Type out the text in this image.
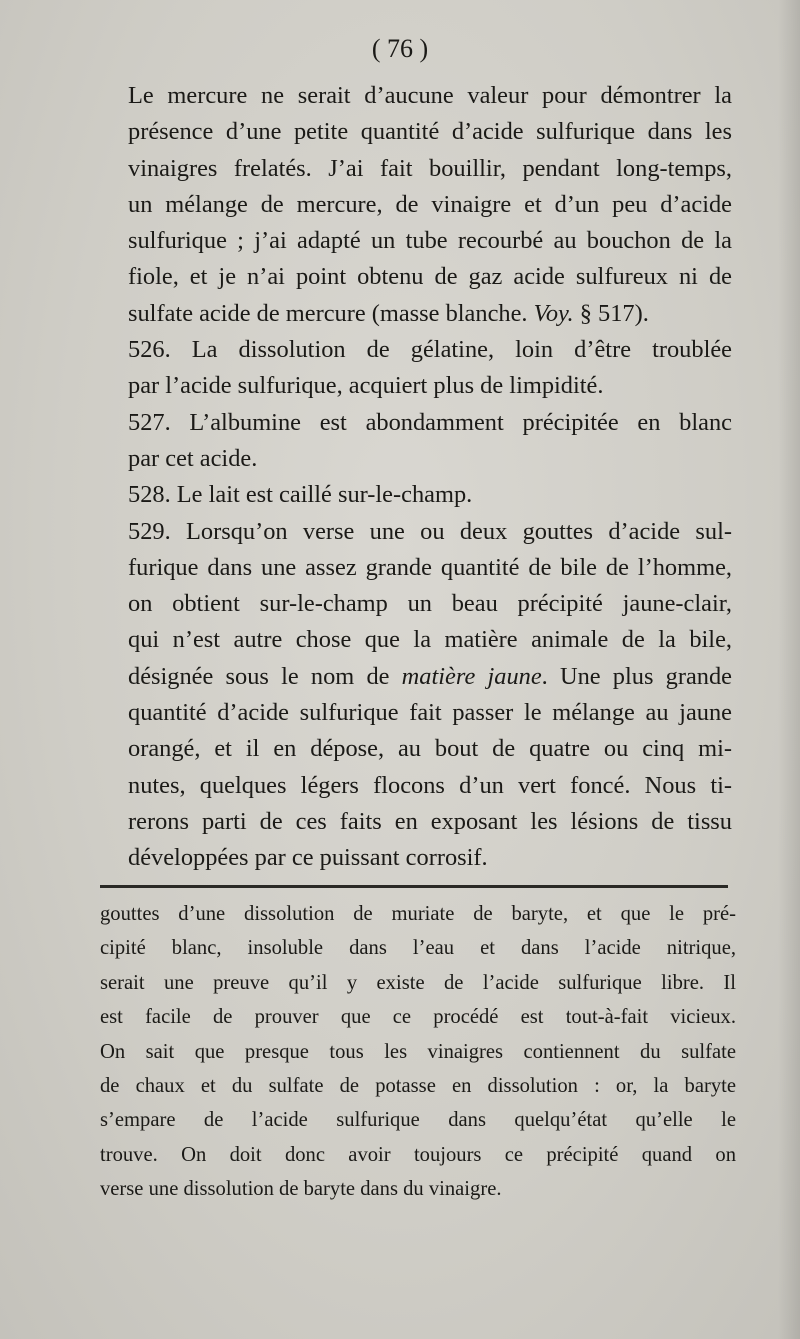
( 76 )

Le mercure ne serait d’aucune valeur pour démontrer la
présence d’une petite quantité d’acide sulfurique dans les
vinaigres frelatés. J’ai fait bouillir, pendant long-temps,
un mélange de mercure, de vinaigre et d’un peu d’acide
sulfurique ; j’ai adapté un tube recourbé au bouchon de la
fiole, et je n’ai point obtenu de gaz acide sulfureux ni de
sulfate acide de mercure (masse blanche. Voy. § 517).

526. La dissolution de gélatine, loin d’être troublée
par l’acide sulfurique, acquiert plus de limpidité.

527. L’albumine est abondamment précipitée en blanc
par cet acide.

528. Le lait est caillé sur-le-champ.

529. Lorsqu’on verse une ou deux gouttes d’acide sul-
furique dans une assez grande quantité de bile de l’homme,
on obtient sur-le-champ un beau précipité jaune-clair,
qui n’est autre chose que la matière animale de la bile,
désignée sous le nom de matière jaune. Une plus grande
quantité d’acide sulfurique fait passer le mélange au jaune
orangé, et il en dépose, au bout de quatre ou cinq mi-
nutes, quelques légers flocons d’un vert foncé. Nous ti-
rerons parti de ces faits en exposant les lésions de tissu
développées par ce puissant corrosif.

gouttes d’une dissolution de muriate de baryte, et que le pré-
cipité blanc, insoluble dans l’eau et dans l’acide nitrique,
serait une preuve qu’il y existe de l’acide sulfurique libre. Il
est facile de prouver que ce procédé est tout-à-fait vicieux.
On sait que presque tous les vinaigres contiennent du sulfate
de chaux et du sulfate de potasse en dissolution : or, la baryte
s’empare de l’acide sulfurique dans quelqu’état qu’elle le
trouve. On doit donc avoir toujours ce précipité quand on
verse une dissolution de baryte dans du vinaigre.
